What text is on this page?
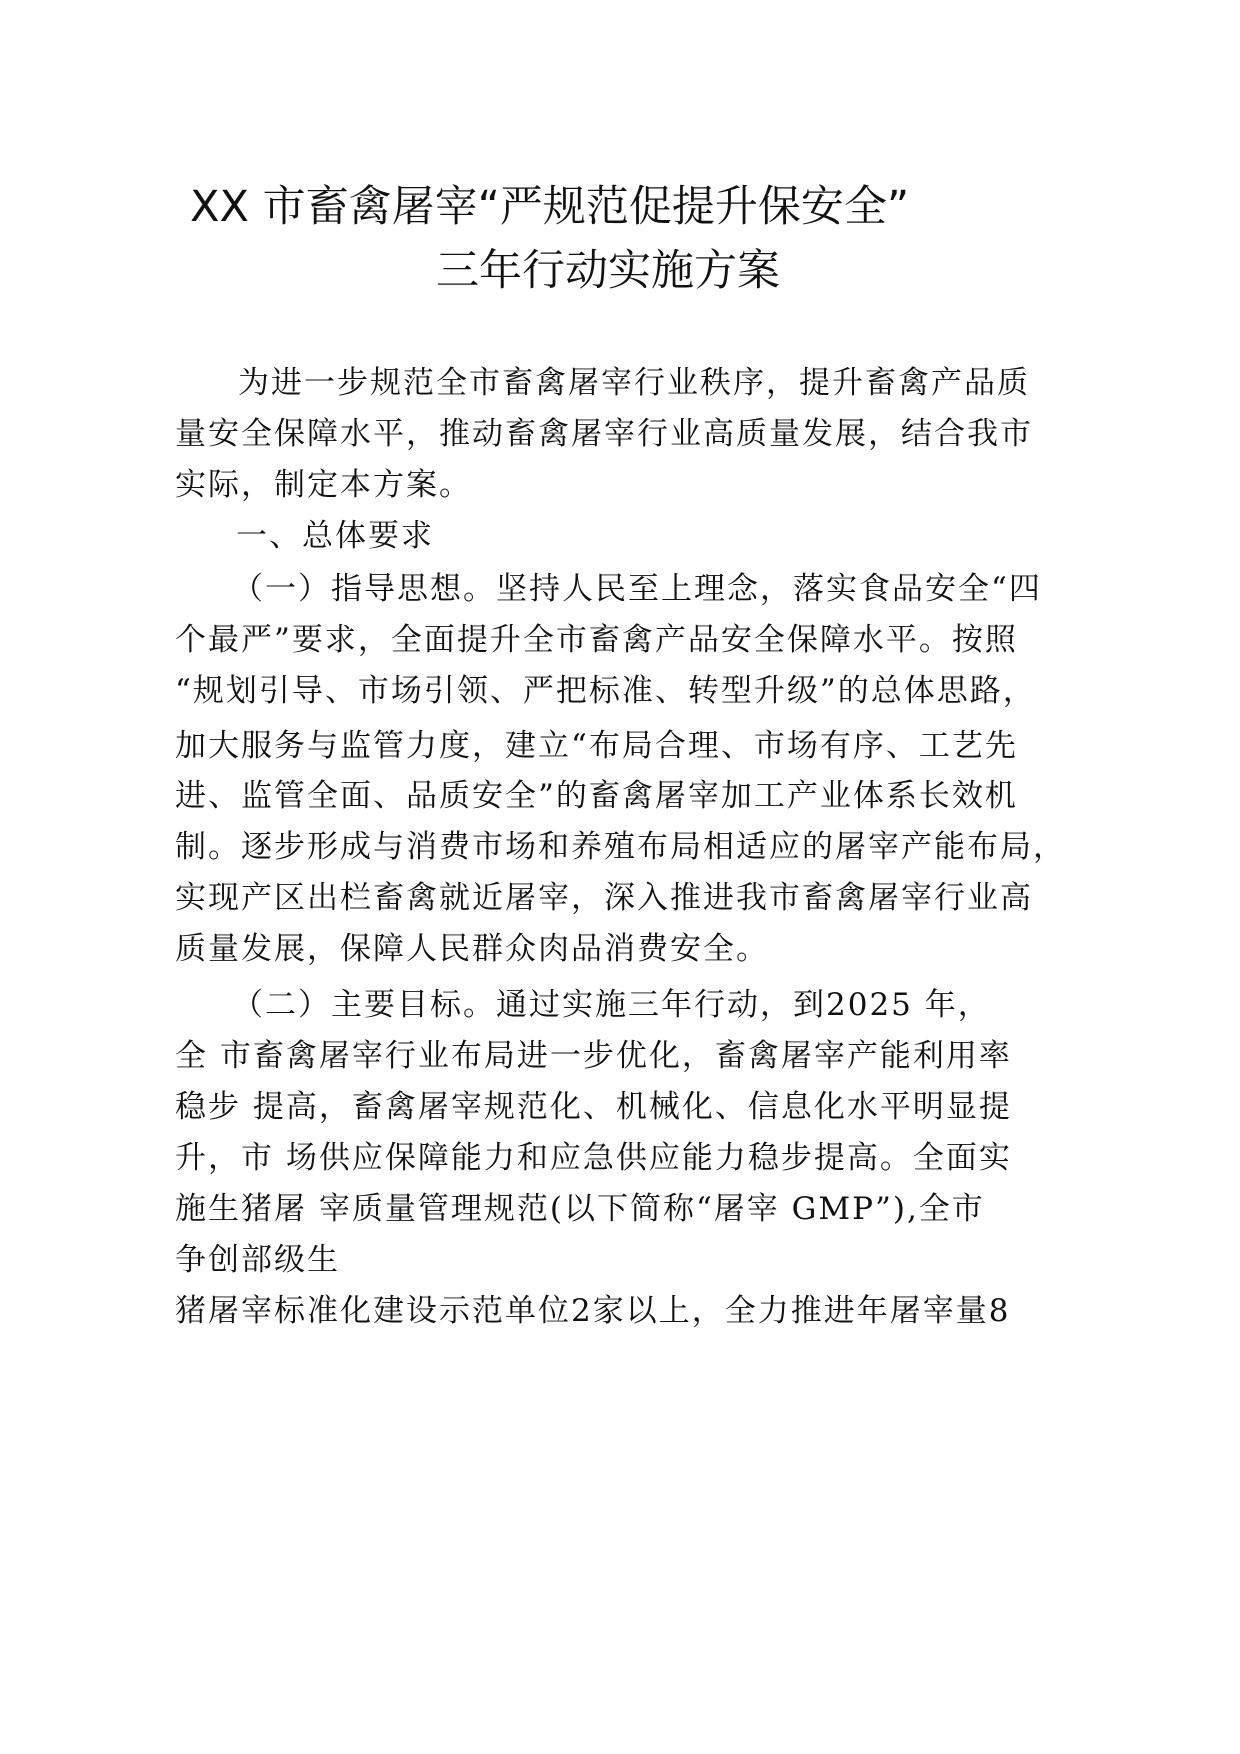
XX 市畜禽屠宰“严规范促提升保安全”
三年行动实施方案
为进一步规范全市畜禽屠宰行业秩序，提升畜禽产品质
量安全保障水平，推动畜禽屠宰行业高质量发展，结合我市
实际，制定本方案。
一、总体要求
（一）指导思想。坚持人民至上理念，落实食品安全“四
个最严”要求，全面提升全市畜禽产品安全保障水平。按照
“规划引导、市场引领、严把标准、转型升级”的总体思路，
加大服务与监管力度，建立“布局合理、市场有序、工艺先
进、监管全面、品质安全”的畜禽屠宰加工产业体系长效机
制。逐步形成与消费市场和养殖布局相适应的屠宰产能布局，
实现产区出栏畜禽就近屠宰，深入推进我市畜禽屠宰行业高
质量发展，保障人民群众肉品消费安全。
（二）主要目标。通过实施三年行动，到2025 年，
全 市畜禽屠宰行业布局进一步优化，畜禽屠宰产能利用率
稳步 提高，畜禽屠宰规范化、机械化、信息化水平明显提
升，市 场供应保障能力和应急供应能力稳步提高。全面实
施生猪屠 宰质量管理规范(以下简称“屠宰 GMP”),全市
争创部级生
猪屠宰标准化建设示范单位2家以上，全力推进年屠宰量8
